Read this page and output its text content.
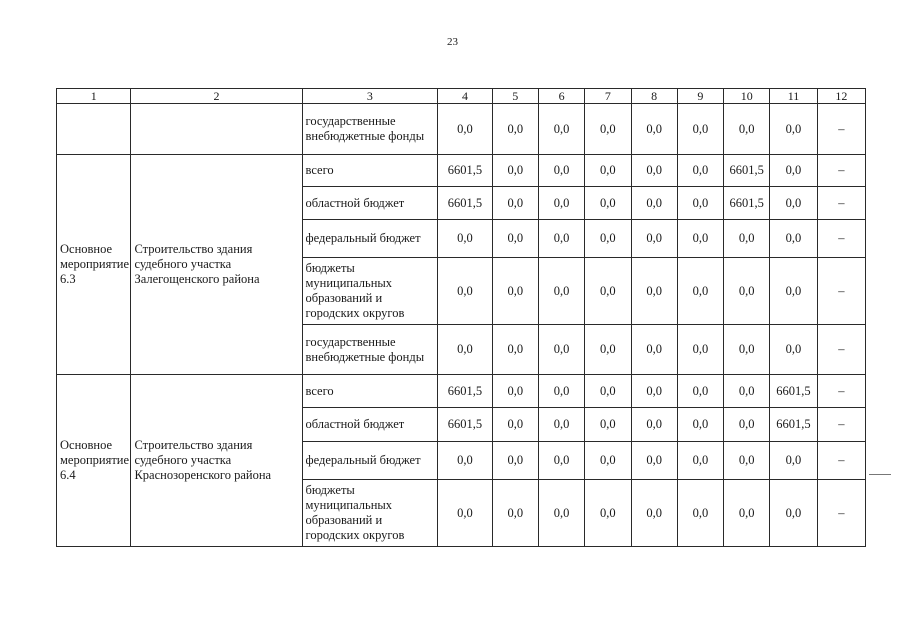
23
1	2	3	4	5	6	7	8	9	10	11	12
		государственные внебюджетные фонды	0,0	0,0	0,0	0,0	0,0	0,0	0,0	0,0	–
Основное мероприятие 6.3	Строительство здания судебного участка Залегощенского района	всего	6601,5	0,0	0,0	0,0	0,0	0,0	6601,5	0,0	–
		областной бюджет	6601,5	0,0	0,0	0,0	0,0	0,0	6601,5	0,0	–
		федеральный бюджет	0,0	0,0	0,0	0,0	0,0	0,0	0,0	0,0	–
		бюджеты муниципальных образований и городских округов	0,0	0,0	0,0	0,0	0,0	0,0	0,0	0,0	–
		государственные внебюджетные фонды	0,0	0,0	0,0	0,0	0,0	0,0	0,0	0,0	–
Основное мероприятие 6.4	Строительство здания судебного участка Краснозоренского района	всего	6601,5	0,0	0,0	0,0	0,0	0,0	0,0	6601,5	–
		областной бюджет	6601,5	0,0	0,0	0,0	0,0	0,0	0,0	6601,5	–
		федеральный бюджет	0,0	0,0	0,0	0,0	0,0	0,0	0,0	0,0	–
		бюджеты муниципальных образований и городских округов	0,0	0,0	0,0	0,0	0,0	0,0	0,0	0,0	–
